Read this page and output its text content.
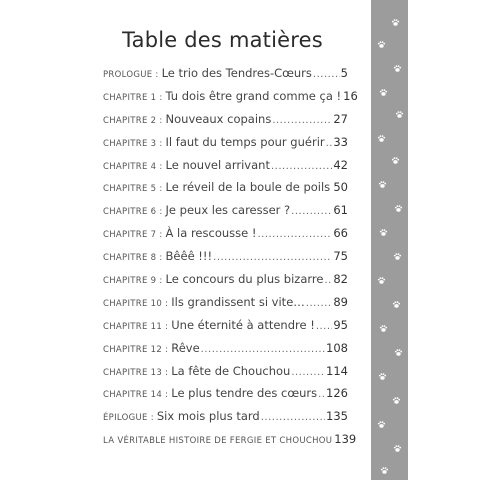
Table des matières
PROLOGUE : Le trio des Tendres-Cœurs .....	5
CHAPITRE 1 : Tu dois être grand comme ça ! 16
CHAPITRE 2 : Nouveaux copains .....	27
CHAPITRE 3 : Il faut du temps pour guérir ..... 33
CHAPITRE 4 : Le nouvel arrivant .....	42
CHAPITRE 5 : Le réveil de la boule de poils ..... 50
CHAPITRE 6 : Je peux les caresser ? .....	61
CHAPITRE 7 : À la rescousse ! .....	66
CHAPITRE 8 : Bêêê !!! .....	75
CHAPITRE 9 : Le concours du plus bizarre ..... 82
CHAPITRE 10 : Ils grandissent si vite… ..... 89
CHAPITRE 11 : Une éternité à attendre ! ..... 95
CHAPITRE 12 : Rêve .....	108
CHAPITRE 13 : La fête de Chouchou .....	114
CHAPITRE 14 : Le plus tendre des cœurs ..... 126
ÉPILOGUE : Six mois plus tard .....	135
LA VÉRITABLE HISTOIRE DE FERGIE ET CHOUCHOU 139
